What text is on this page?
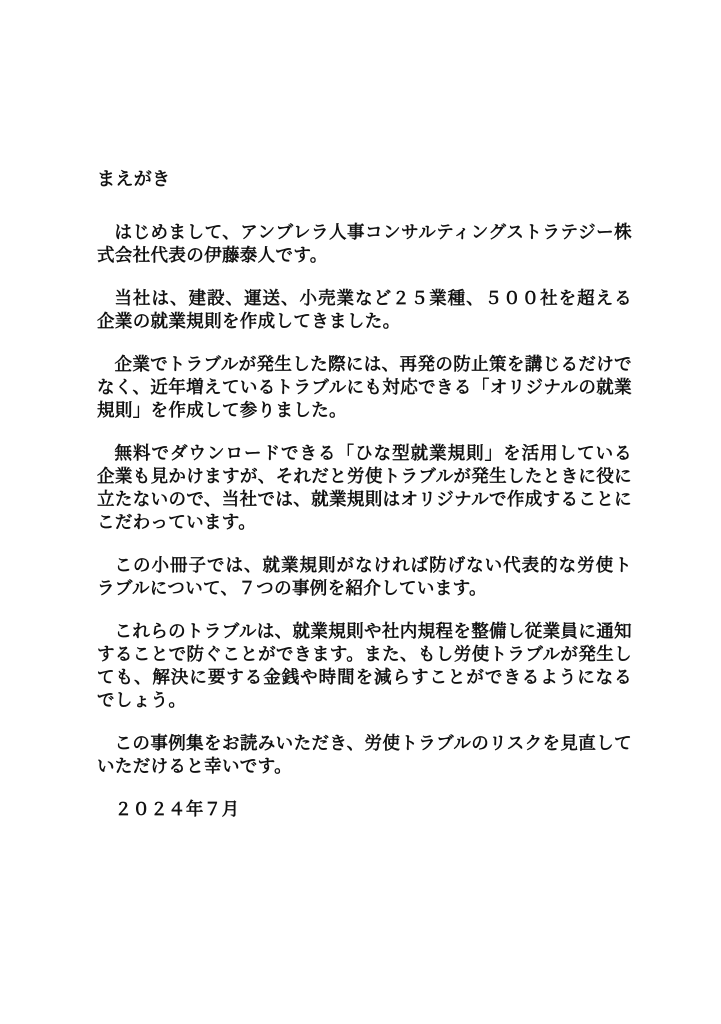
まえがき

はじめまして、アンブレラ人事コンサルティングストラテジー株式会社代表の伊藤泰人です。

当社は、建設、運送、小売業など２５業種、５００社を超える企業の就業規則を作成してきました。

企業でトラブルが発生した際には、再発の防止策を講じるだけでなく、近年増えているトラブルにも対応できる「オリジナルの就業規則」を作成して参りました。

無料でダウンロードできる「ひな型就業規則」を活用している企業も見かけますが、それだと労使トラブルが発生したときに役に立たないので、当社では、就業規則はオリジナルで作成することにこだわっています。

この小冊子では、就業規則がなければ防げない代表的な労使トラブルについて、７つの事例を紹介しています。

これらのトラブルは、就業規則や社内規程を整備し従業員に通知することで防ぐことができます。また、もし労使トラブルが発生しても、解決に要する金銭や時間を減らすことができるようになるでしょう。

この事例集をお読みいただき、労使トラブルのリスクを見直していただけると幸いです。

２０２４年７月
